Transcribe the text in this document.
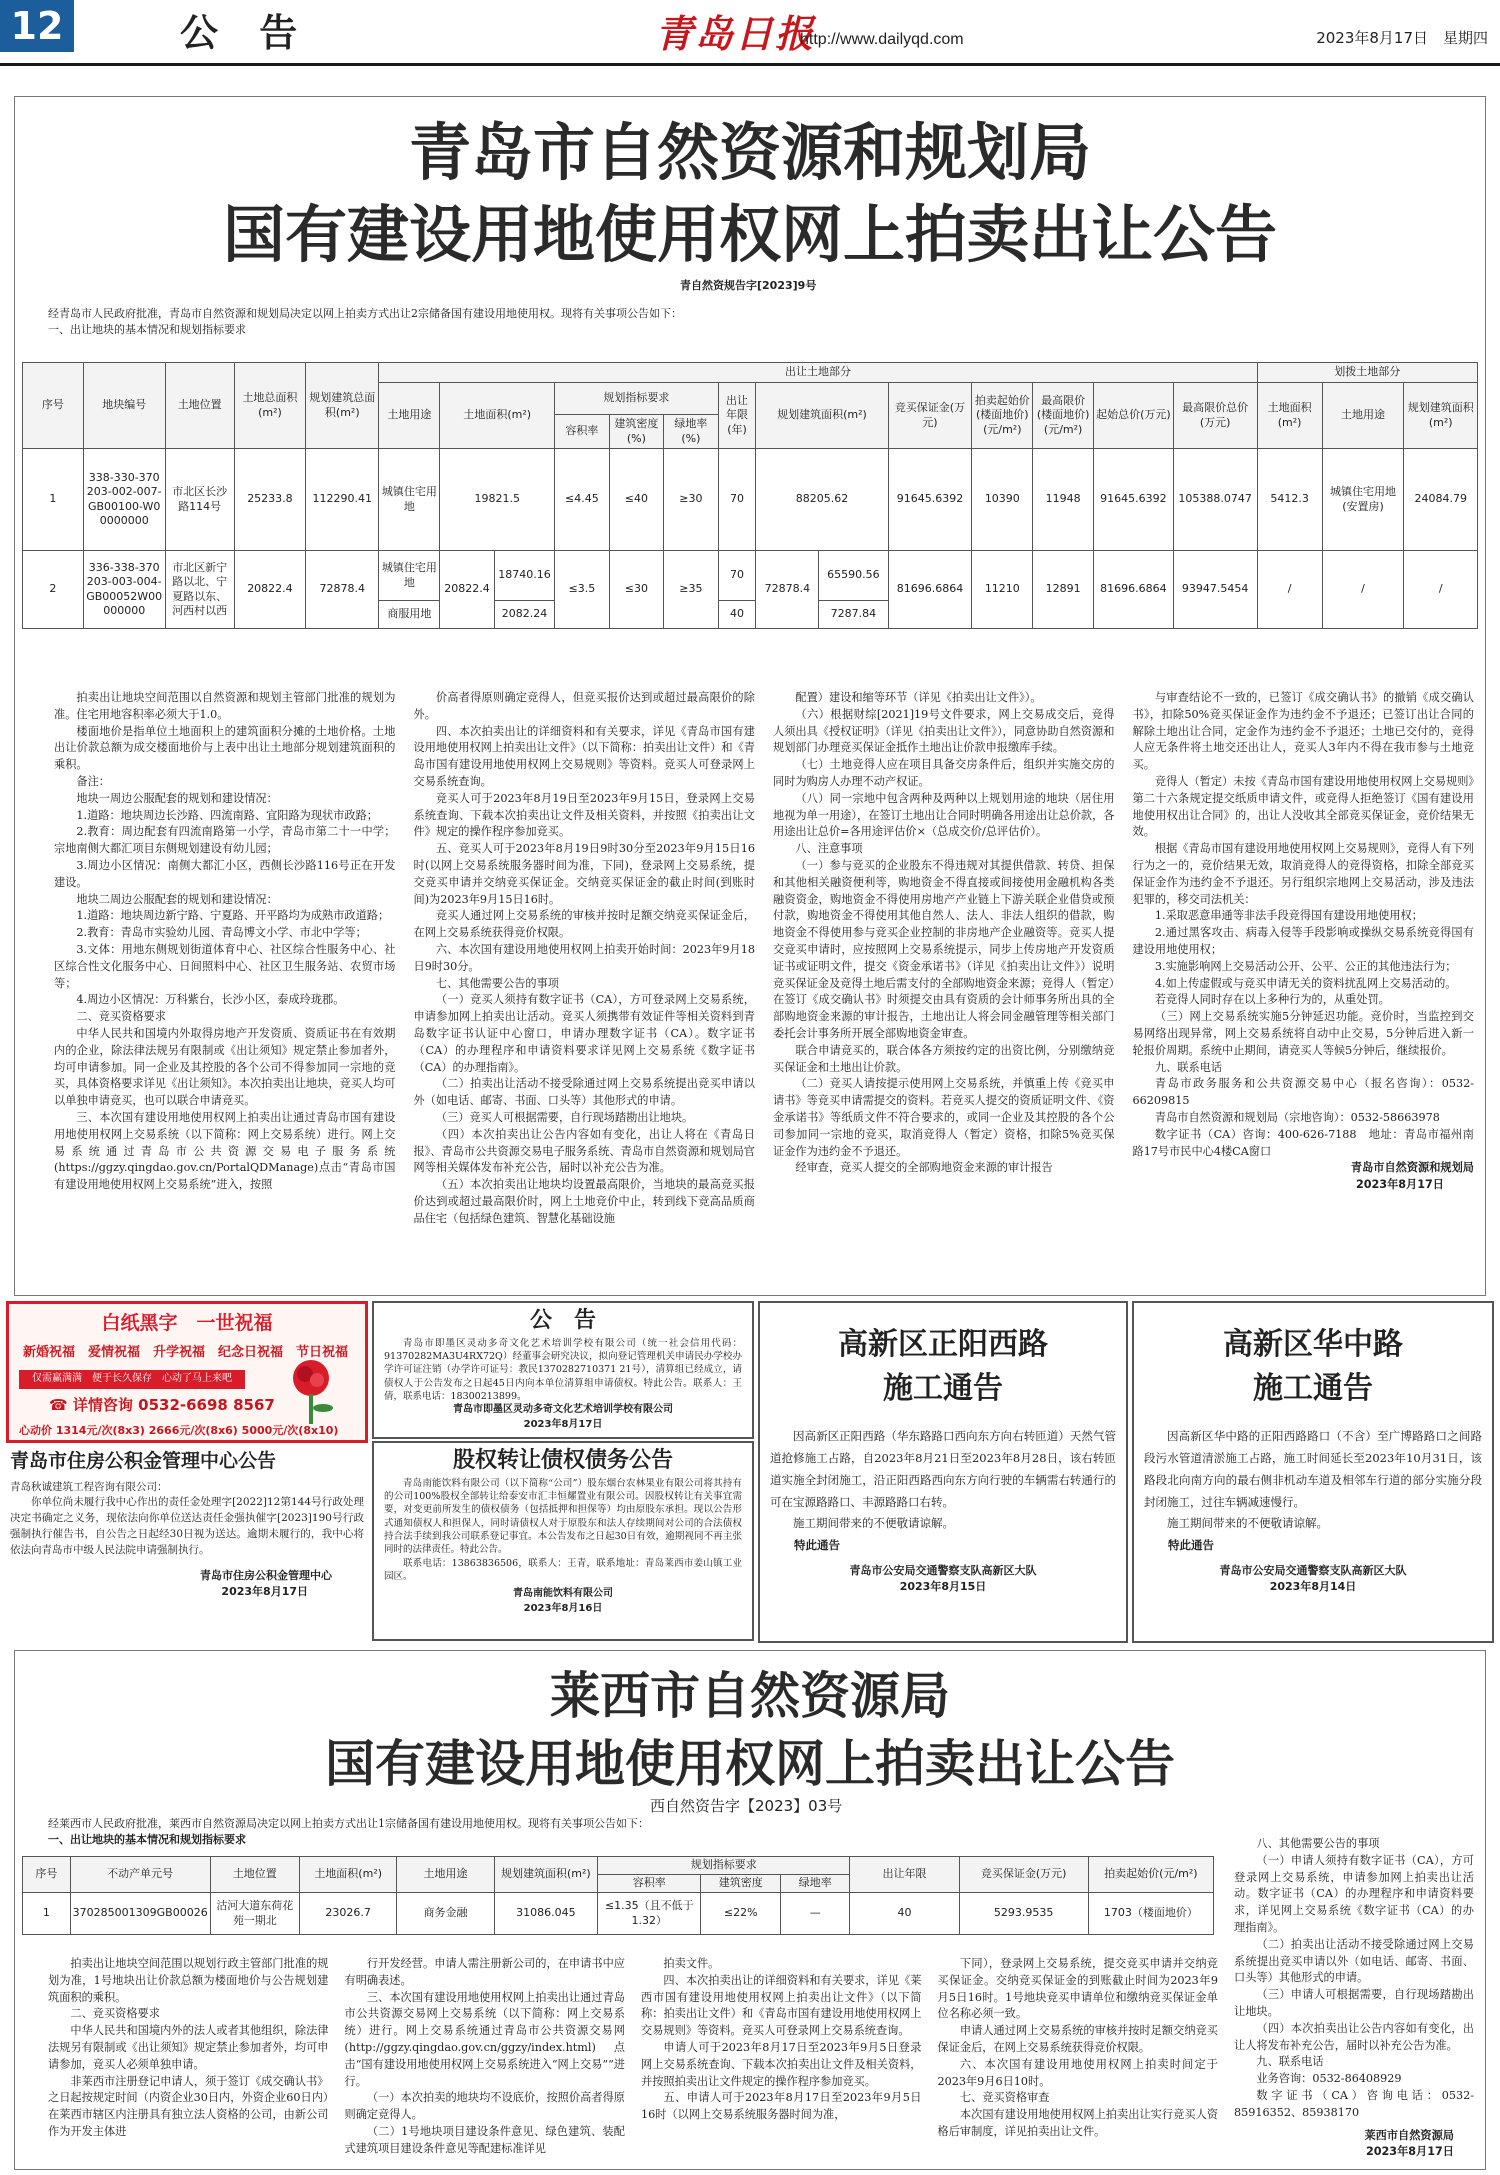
12	公 告	青岛日报
http://www.dailyqd.com	2023年8月17日　星期四
青岛市自然资源和规划局
国有建设用地使用权网上拍卖出让公告
青自然资规告字[2023]9号
经青岛市人民政府批准，青岛市自然资源和规划局决定以网上拍卖方式出让2宗储备国有建设用地使用权。现将有关事项公告如下：
一、出让地块的基本情况和规划指标要求
序号	地块编号	土地位置	土地总面积(m²)	规划建筑总面积(m²)	出让土地部分														划拨土地部分		
					土地用途	土地面积(m²)		规划指标要求			出让年限(年)	规划建筑面积(m²)		竞买保证金(万元)	拍卖起始价(楼面地价)(元/m²)	最高限价(楼面地价)(元/m²)	起始总价(万元)	最高限价总价(万元)	土地面积(m²)	土地用途	规划建筑面积(m²)
								容积率	建筑密度(%)	绿地率(%)											
1	338-330-370203-002-007-GB00100-W00000000	市北区长沙路114号	25233.8	112290.41	城镇住宅用地	19821.5		≤4.45	≤40	≥30	70	88205.62		91645.6392	10390	11948	91645.6392	105388.0747	5412.3	城镇住宅用地(安置房)	24084.79
2	336-338-370203-003-004-GB00052W00000000	市北区新宁路以北、宁夏路以东、河西村以西	20822.4	72878.4	城镇住宅用地	20822.4	18740.16	≤3.5	≤30	≥35	70	72878.4	65590.56	81696.6864	11210	12891	81696.6864	93947.5454	/	/	/
					商服用地		2082.24				40		7287.84								

拍卖出让地块空间范围以自然资源和规划主管部门批准的规划为准。住宅用地容积率必须大于1.0。

楼面地价是指单位土地面积上的建筑面积分摊的土地价格。土地出让价款总额为成交楼面地价与上表中出让土地部分规划建筑面积的乘积。

备注：

地块一周边公服配套的规划和建设情况：

1.道路：地块周边长沙路、四流南路、宜阳路为现状市政路；

2.教育：周边配套有四流南路第一小学，青岛市第二十一中学；宗地南侧大都汇项目东侧规划建设有幼儿园；

3.周边小区情况：南侧大都汇小区，西侧长沙路116号正在开发建设。

地块二周边公服配套的规划和建设情况：

1.道路：地块周边新宁路、宁夏路、开平路均为成熟市政道路；

2.教育：青岛市实验幼儿园、青岛博文小学、市北中学等；

3.文体：用地东侧规划街道体育中心、社区综合性服务中心、社区综合性文化服务中心、日间照料中心、社区卫生服务站、农贸市场等；

4.周边小区情况：万科紫台，长沙小区，泰成玲珑郡。

二、竞买资格要求

中华人民共和国境内外取得房地产开发资质、资质证书在有效期内的企业，除法律法规另有限制或《出让须知》规定禁止参加者外，均可申请参加。同一企业及其控股的各个公司不得参加同一宗地的竞买，具体资格要求详见《出让须知》。本次拍卖出让地块，竞买人均可以单独申请竞买，也可以联合申请竞买。

三、本次国有建设用地使用权网上拍卖出让通过青岛市国有建设用地使用权网上交易系统（以下简称：网上交易系统）进行。网上交易系统通过青岛市公共资源交易电子服务系统(https://ggzy.qingdao.gov.cn/PortalQDManage)点击“青岛市国有建设用地使用权网上交易系统”进入，按照

价高者得原则确定竞得人，但竞买报价达到或超过最高限价的除外。

四、本次拍卖出让的详细资料和有关要求，详见《青岛市国有建设用地使用权网上拍卖出让文件》（以下简称：拍卖出让文件）和《青岛市国有建设用地使用权网上交易规则》等资料。竞买人可登录网上交易系统查询。

竞买人可于2023年8月19日至2023年9月15日，登录网上交易系统查询、下载本次拍卖出让文件及相关资料，并按照《拍卖出让文件》规定的操作程序参加竞买。

五、竞买人可于2023年8月19日9时30分至2023年9月15日16时(以网上交易系统服务器时间为准，下同)，登录网上交易系统，提交竞买申请并交纳竞买保证金。交纳竞买保证金的截止时间(到账时间)为2023年9月15日16时。

竞买人通过网上交易系统的审核并按时足额交纳竞买保证金后，在网上交易系统获得竞价权限。

六、本次国有建设用地使用权网上拍卖开始时间：2023年9月18日9时30分。

七、其他需要公告的事项

（一）竞买人须持有数字证书（CA），方可登录网上交易系统，申请参加网上拍卖出让活动。竞买人须携带有效证件等相关资料到青岛数字证书认证中心窗口，申请办理数字证书（CA）。数字证书（CA）的办理程序和申请资料要求详见网上交易系统《数字证书（CA）的办理指南》。

（二）拍卖出让活动不接受除通过网上交易系统提出竞买申请以外（如电话、邮寄、书面、口头等）其他形式的申请。

（三）竞买人可根据需要，自行现场踏勘出让地块。

（四）本次拍卖出让公告内容如有变化，出让人将在《青岛日报》、青岛市公共资源交易电子服务系统、青岛市自然资源和规划局官网等相关媒体发布补充公告，届时以补充公告为准。

（五）本次拍卖出让地块均设置最高限价，当地块的最高竞买报价达到或超过最高限价时，网上土地竞价中止，转到线下竞高品质商品住宅（包括绿色建筑、智慧化基础设施

配置）建设和缩等环节（详见《拍卖出让文件》）。

（六）根据财综[2021]19号文件要求，网上交易成交后，竞得人须出具《授权证明》（详见《拍卖出让文件》），同意协助自然资源和规划部门办理竞买保证金抵作土地出让价款申报缴库手续。

（七）土地竞得人应在项目具备交房条件后，组织并实施交房的同时为购房人办理不动产权证。

（八）同一宗地中包含两种及两种以上规划用途的地块（居住用地视为单一用途），在签订土地出让合同时明确各用途出让总价款，各用途出让总价=各用途评估价×（总成交价/总评估价）。

八、注意事项

（一）参与竞买的企业股东不得违规对其提供借款、转贷、担保和其他相关融资便利等，购地资金不得直接或间接使用金融机构各类融资资金，购地资金不得使用房地产产业链上下游关联企业借贷或预付款，购地资金不得使用其他自然人、法人、非法人组织的借款，购地资金不得使用参与竞买企业控制的非房地产企业融资等。竞买人提交竞买申请时，应按照网上交易系统提示，同步上传房地产开发资质证书或证明文件，提交《资金承诺书》（详见《拍卖出让文件》）说明竞买保证金及竞得土地后需支付的全部购地资金来源；竞得人（暂定）在签订《成交确认书》时须提交由具有资质的会计师事务所出具的全部购地资金来源的审计报告，土地出让人将会同金融管理等相关部门委托会计事务所开展全部购地资金审查。

联合申请竞买的，联合体各方须按约定的出资比例，分别缴纳竞买保证金和土地出让价款。

（二）竞买人请按提示使用网上交易系统，并慎重上传《竞买申请书》等竞买申请需提交的资料。若竞买人提交的资质证明文件、《资金承诺书》等纸质文件不符合要求的，或同一企业及其控股的各个公司参加同一宗地的竞买，取消竞得人（暂定）资格，扣除5%竞买保证金作为违约金不予退还。

经审查，竞买人提交的全部购地资金来源的审计报告

与审查结论不一致的，已签订《成交确认书》的撤销《成交确认书》，扣除50%竞买保证金作为违约金不予退还；已签订出让合同的解除土地出让合同，定金作为违约金不予退还；土地已交付的，竞得人应无条件将土地交还出让人，竞买人3年内不得在我市参与土地竞买。

竞得人（暂定）未按《青岛市国有建设用地使用权网上交易规则》第二十六条规定提交纸质申请文件，或竞得人拒绝签订《国有建设用地使用权出让合同》的，出让人没收其全部竞买保证金，竞价结果无效。

根据《青岛市国有建设用地使用权网上交易规则》，竞得人有下列行为之一的，竞价结果无效，取消竞得人的竞得资格，扣除全部竞买保证金作为违约金不予退还。另行组织宗地网上交易活动，涉及违法犯罪的，移交司法机关：

1.采取恶意串通等非法手段竞得国有建设用地使用权；

2.通过黑客攻击、病毒入侵等手段影响或操纵交易系统竞得国有建设用地使用权；

3.实施影响网上交易活动公开、公平、公正的其他违法行为；

4.如上传虚假或与竞买申请无关的资料扰乱网上交易活动的。

若竞得人同时存在以上多种行为的，从重处罚。

（三）网上交易系统实施5分钟延迟功能。竞价时，当监控到交易网络出现异常，网上交易系统将自动中止交易，5分钟后进入新一轮报价周期。系统中止期间，请竞买人等候5分钟后，继续报价。

九、联系电话

青岛市政务服务和公共资源交易中心（报名咨询）：0532-66209815

青岛市自然资源和规划局（宗地咨询）：0532-58663978

数字证书（CA）咨询：400-626-7188　地址：青岛市福州南路17号市民中心4楼CA窗口

青岛市自然资源和规划局

2023年8月17日

白纸黑字　一世祝福
新婚祝福　爱情祝福　升学祝福　纪念日祝福　节日祝福
仅需赢满满　便于长久保存　心动了马上来吧
☎ 详情咨询 0532-6698 8567
心动价 1314元/次(8x3) 2666元/次(8x6) 5000元/次(8x10)
公　告

青岛市即墨区灵动多奇文化艺术培训学校有限公司（统一社会信用代码：91370282MA3U4RX72Q）经董事会研究决议，拟向登记管理机关申请民办学校办学许可证注销（办学许可证号：教民1370282710371 21号），清算组已经成立，请债权人于公告发布之日起45日内向本单位清算组申请债权。特此公告。联系人：王倩，联系电话：18300213899。

青岛市即墨区灵动多奇文化艺术培训学校有限公司
2023年8月17日
青岛市住房公积金管理中心公告
青岛秋诚建筑工程咨询有限公司：

你单位尚未履行我中心作出的责任金处理字[2022]12第144号行政处理决定书确定之义务，现依法向你单位送达责任金强执催字[2023]190号行政强制执行催告书，自公告之日起经30日视为送达。逾期未履行的，我中心将依法向青岛市中级人民法院申请强制执行。

青岛市住房公积金管理中心
2023年8月17日
股权转让债权债务公告

青岛南能饮料有限公司（以下简称“公司”）股东烟台农林果业有限公司将其持有的公司100%股权全部转让给泰安市汇丰恒耀置业有限公司。因股权转让有关事宜需要，对变更前所发生的债权债务（包括抵押和担保等）均由原股东承担。现以公告形式通知债权人和担保人，同时请债权人对于原股东和法人存续期间对公司的合法债权持合法手续到我公司联系登记事宜。本公告发布之日起30日有效，逾期视同不再主张同时的法律责任。特此公告。

联系电话：13863836506，联系人：王青，联系地址：青岛莱西市姜山镇工业园区。

青岛南能饮料有限公司
2023年8月16日
高新区正阳西路
施工通告

因高新区正阳西路（华东路路口西向东方向右转匝道）天然气管道抢修施工占路，自2023年8月21日至2023年8月28日，该右转匝道实施全封闭施工，沿正阳西路西向东方向行驶的车辆需右转通行的可在宝源路路口、丰源路路口右转。

施工期间带来的不便敬请谅解。

特此通告
青岛市公安局交通警察支队高新区大队
2023年8月15日
高新区华中路
施工通告

因高新区华中路的正阳西路路口（不含）至广博路路口之间路段污水管道清淤施工占路，施工时间延长至2023年10月31日，该路段北向南方向的最右侧非机动车道及相邻车行道的部分实施分段封闭施工，过往车辆减速慢行。

施工期间带来的不便敬请谅解。

特此通告
青岛市公安局交通警察支队高新区大队
2023年8月14日
莱西市自然资源局
国有建设用地使用权网上拍卖出让公告
西自然资告字【2023】03号
经莱西市人民政府批准，莱西市自然资源局决定以网上拍卖方式出让1宗储备国有建设用地使用权。现将有关事项公告如下：
一、出让地块的基本情况和规划指标要求
序号	不动产单元号	土地位置	土地面积(m²)	土地用途	规划建筑面积(m²)	规划指标要求			出让年限	竞买保证金(万元)	拍卖起始价(元/m²)
						容积率	建筑密度	绿地率			
1	370285001309GB00026	沽河大道东荷花苑一期北	23026.7	商务金融	31086.045	≤1.35（且不低于1.32）	≤22%	—	40	5293.9535	1703（楼面地价）

拍卖出让地块空间范围以规划行政主管部门批准的规划为准，1号地块出让价款总额为楼面地价与公告规划建筑面积的乘积。

二、竞买资格要求

中华人民共和国境内外的法人或者其他组织，除法律法规另有限制或《出让须知》规定禁止参加者外，均可申请参加，竞买人必须单独申请。

非莱西市注册登记申请人，须于签订《成交确认书》之日起按规定时间（内资企业30日内，外资企业60日内）在莱西市辖区内注册具有独立法人资格的公司，由新公司作为开发主体进

行开发经营。申请人需注册新公司的，在申请书中应有明确表述。

三、本次国有建设用地使用权网上拍卖出让通过青岛市公共资源交易网上交易系统（以下简称：网上交易系统）进行。网上交易系统通过青岛市公共资源交易网(http://ggzy.qingdao.gov.cn/ggzy/index.html)点击“国有建设用地使用权网上交易系统进入“网上交易””进行。

（一）本次拍卖的地块均不设底价，按照价高者得原则确定竞得人。

（二）1号地块项目建设条件意见、绿色建筑、装配式建筑项目建设条件意见等配建标准详见

拍卖文件。

四、本次拍卖出让的详细资料和有关要求，详见《莱西市国有建设用地使用权网上拍卖出让文件》（以下简称：拍卖出让文件）和《青岛市国有建设用地使用权网上交易规则》等资料。竞买人可登录网上交易系统查询。

申请人可于2023年8月17日至2023年9月5日登录网上交易系统查询、下载本次拍卖出让文件及相关资料，并按照拍卖出让文件规定的操作程序参加竞买。

五、申请人可于2023年8月17日至2023年9月5日16时（以网上交易系统服务器时间为准，

下同），登录网上交易系统，提交竞买申请并交纳竞买保证金。交纳竞买保证金的到账截止时间为2023年9月5日16时。1号地块竞买申请单位和缴纳竞买保证金单位名称必须一致。

申请人通过网上交易系统的审核并按时足额交纳竞买保证金后，在网上交易系统获得竞价权限。

六、本次国有建设用地使用权网上拍卖时间定于2023年9月6日10时。

七、竞买资格审查

本次国有建设用地使用权网上拍卖出让实行竞买人资格后审制度，详见拍卖出让文件。

八、其他需要公告的事项

（一）申请人须持有数字证书（CA），方可登录网上交易系统，申请参加网上拍卖出让活动。数字证书（CA）的办理程序和申请资料要求，详见网上交易系统《数字证书（CA）的办理指南》。

（二）拍卖出让活动不接受除通过网上交易系统提出竞买申请以外（如电话、邮寄、书面、口头等）其他形式的申请。

（三）申请人可根据需要，自行现场踏勘出让地块。

（四）本次拍卖出让公告内容如有变化，出让人将发布补充公告，届时以补充公告为准。

九、联系电话

业务咨询：0532-86408929

数字证书（CA）咨询电话：0532-85916352、85938170

莱西市自然资源局

2023年8月17日
